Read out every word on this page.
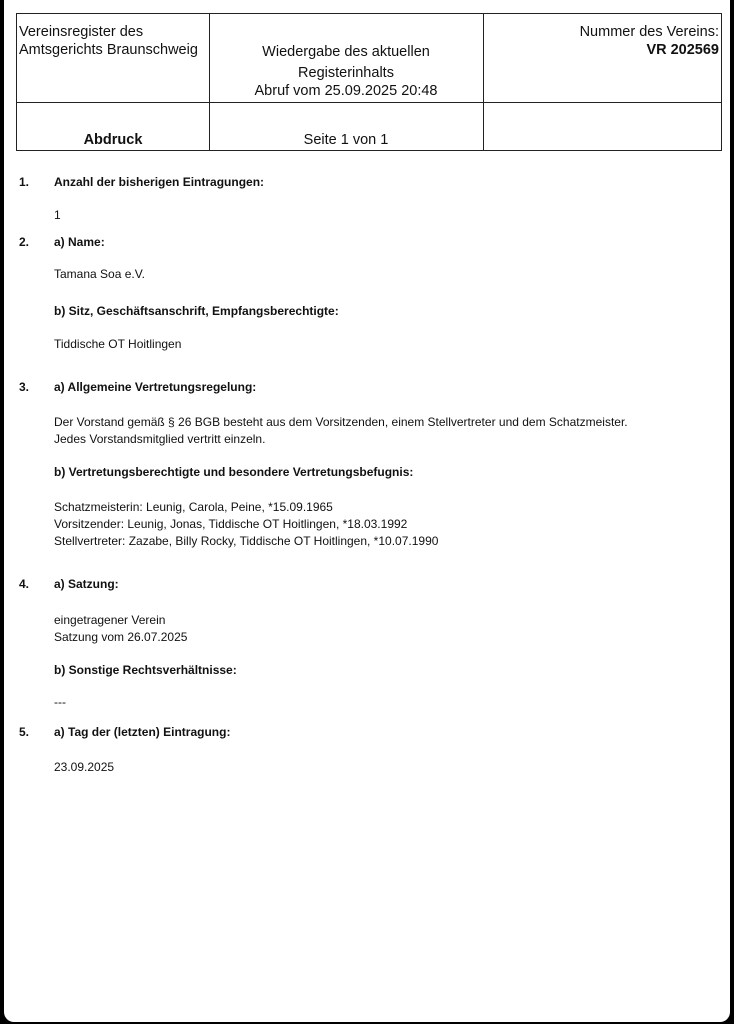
Vereinsregister des
Amtsgerichts Braunschweig	Wiedergabe des aktuellen
Registerinhalts
Abruf vom 25.09.2025 20:48
Nummer des Vereins:
VR 202569
Abdruck	Seite 1 von 1
1. Anzahl der bisherigen Eintragungen:
1
2. a) Name:
Tamana Soa e.V.
b) Sitz, Geschäftsanschrift, Empfangsberechtigte:
Tiddische OT Hoitlingen
3. a) Allgemeine Vertretungsregelung:
Der Vorstand gemäß § 26 BGB besteht aus dem Vorsitzenden, einem Stellvertreter und dem Schatzmeister.
Jedes Vorstandsmitglied vertritt einzeln.
b) Vertretungsberechtigte und besondere Vertretungsbefugnis:
Schatzmeisterin: Leunig, Carola, Peine, *15.09.1965
Vorsitzender: Leunig, Jonas, Tiddische OT Hoitlingen, *18.03.1992
Stellvertreter: Zazabe, Billy Rocky, Tiddische OT Hoitlingen, *10.07.1990
4. a) Satzung:
eingetragener Verein
Satzung vom 26.07.2025
b) Sonstige Rechtsverhältnisse:
---
5. a) Tag der (letzten) Eintragung:
23.09.2025
